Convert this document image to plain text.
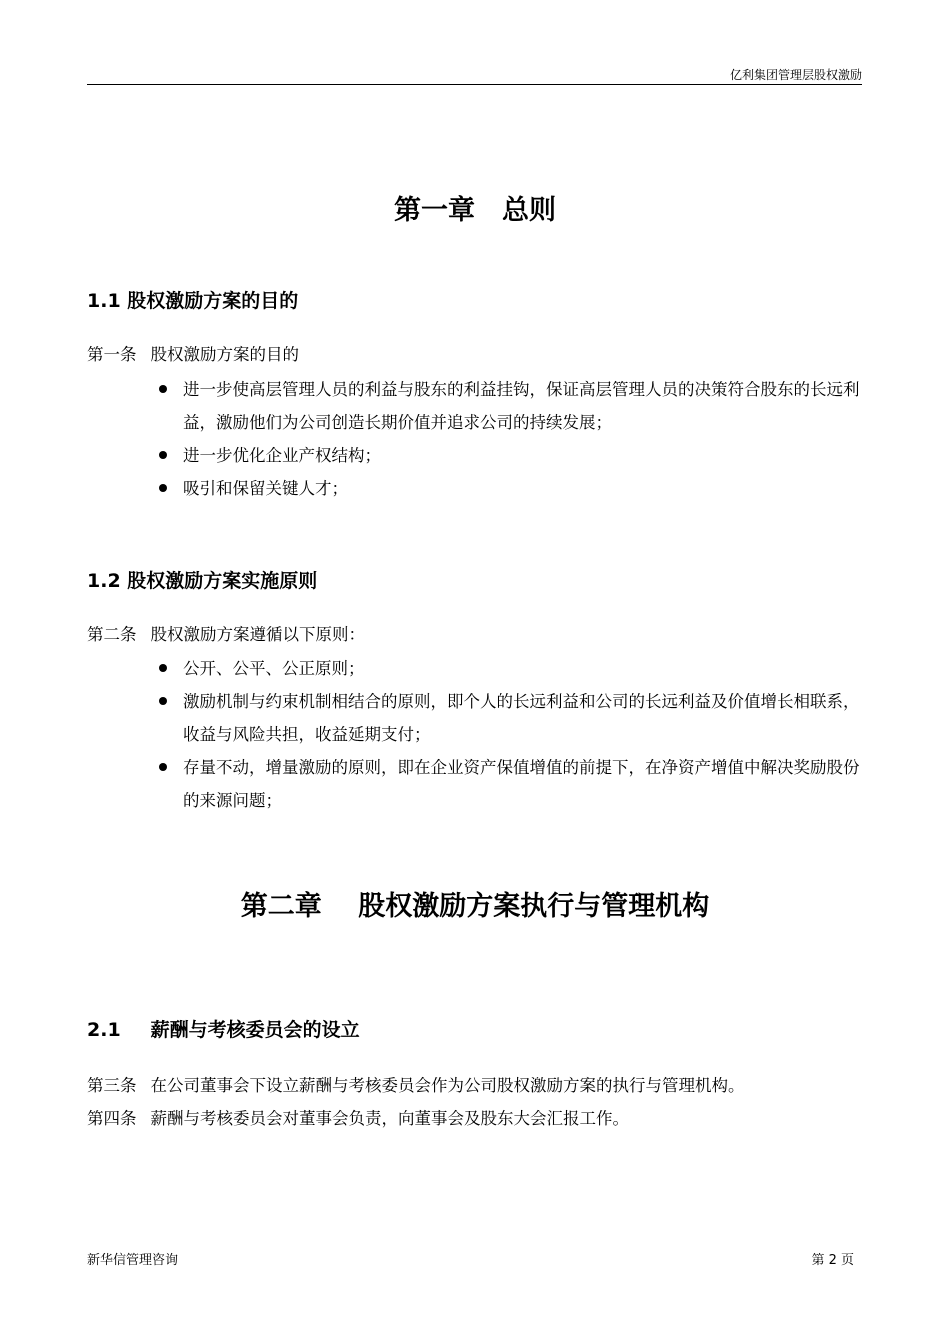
亿利集团管理层股权激励
第一章　总则
1.1 股权激励方案的目的
第一条 股权激励方案的目的
进一步使高层管理人员的利益与股东的利益挂钩，保证高层管理人员的决策符合股东的长远利益，激励他们为公司创造长期价值并追求公司的持续发展；
进一步优化企业产权结构；
吸引和保留关键人才；
1.2 股权激励方案实施原则
第二条 股权激励方案遵循以下原则：
公开、公平、公正原则；
激励机制与约束机制相结合的原则，即个人的长远利益和公司的长远利益及价值增长相联系，收益与风险共担，收益延期支付；
存量不动，增量激励的原则，即在企业资产保值增值的前提下，在净资产增值中解决奖励股份的来源问题；
第二章　 股权激励方案执行与管理机构
2.1 薪酬与考核委员会的设立
第三条 在公司董事会下设立薪酬与考核委员会作为公司股权激励方案的执行与管理机构。
第四条 薪酬与考核委员会对董事会负责，向董事会及股东大会汇报工作。
新华信管理咨询	第 2 页
